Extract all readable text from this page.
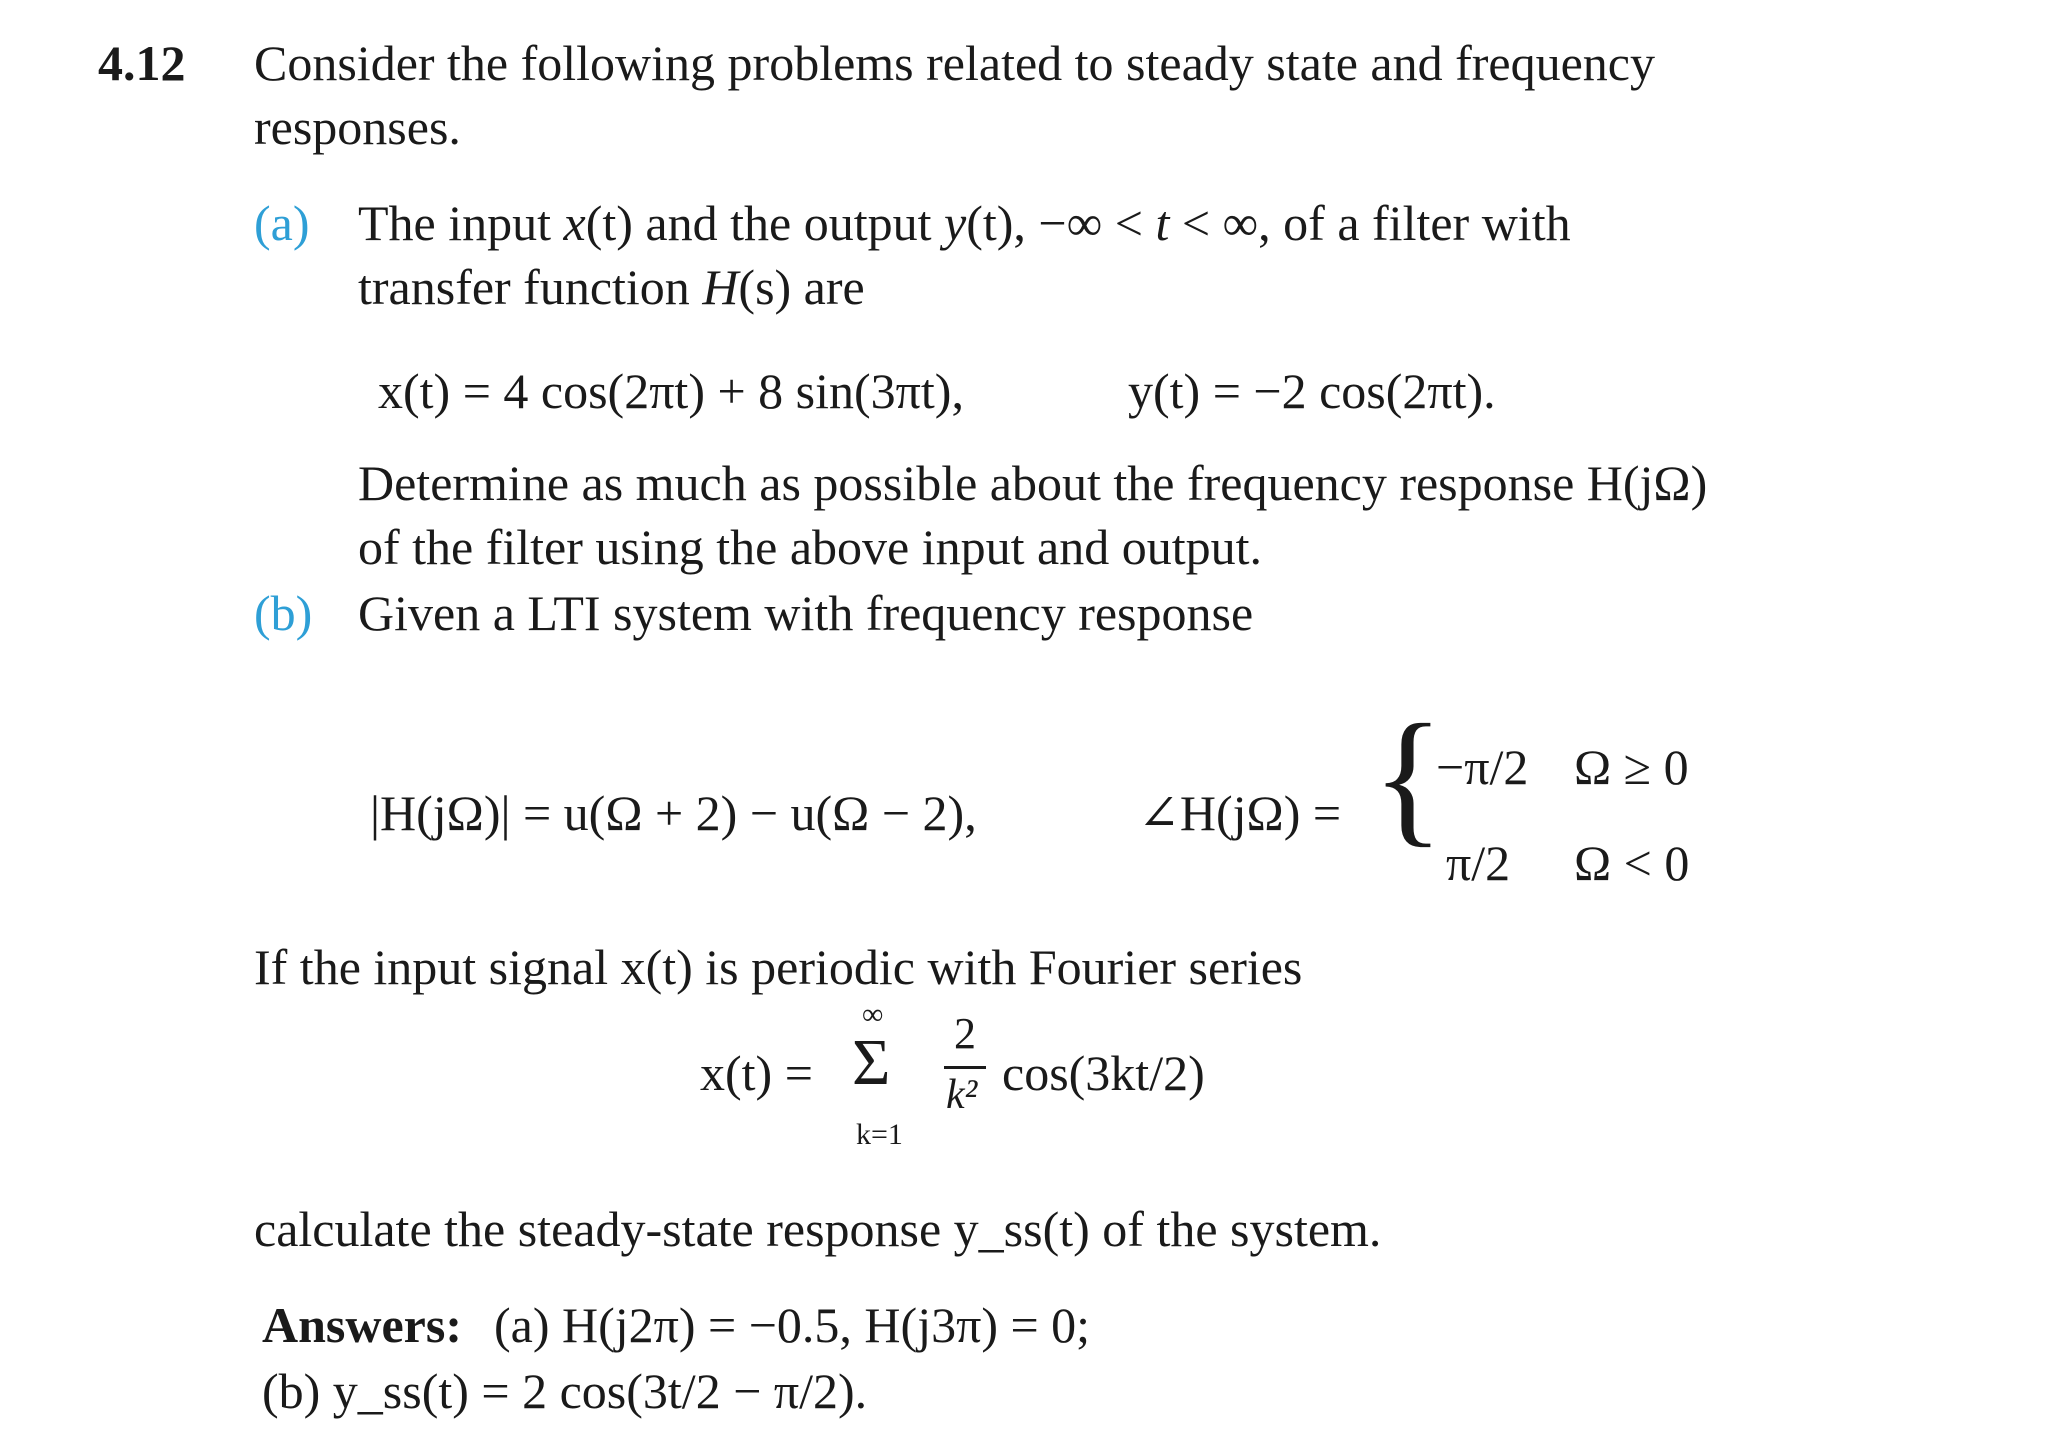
4.12 Consider the following problems related to steady state and frequency
responses.
(a) The input x(t) and the output y(t), −∞ < t < ∞, of a filter with
transfer function H(s) are
x(t) = 4 cos(2πt) + 8 sin(3πt),	y(t) = −2 cos(2πt).
Determine as much as possible about the frequency response H(jΩ)
of the filter using the above input and output.
(b) Given a LTI system with frequency response
|H(jΩ)| = u(Ω + 2) − u(Ω − 2),	∠H(jΩ) = {
−π/2 Ω ≥ 0
π/2 Ω < 0
If the input signal x(t) is periodic with Fourier series
x(t) =
∞
Σ
k=1
2
k² cos(3kt/2)
calculate the steady-state response y_ss(t) of the system.
Answers: (a) H(j2π) = −0.5, H(j3π) = 0;
(b) y_ss(t) = 2 cos(3t/2 − π/2).
